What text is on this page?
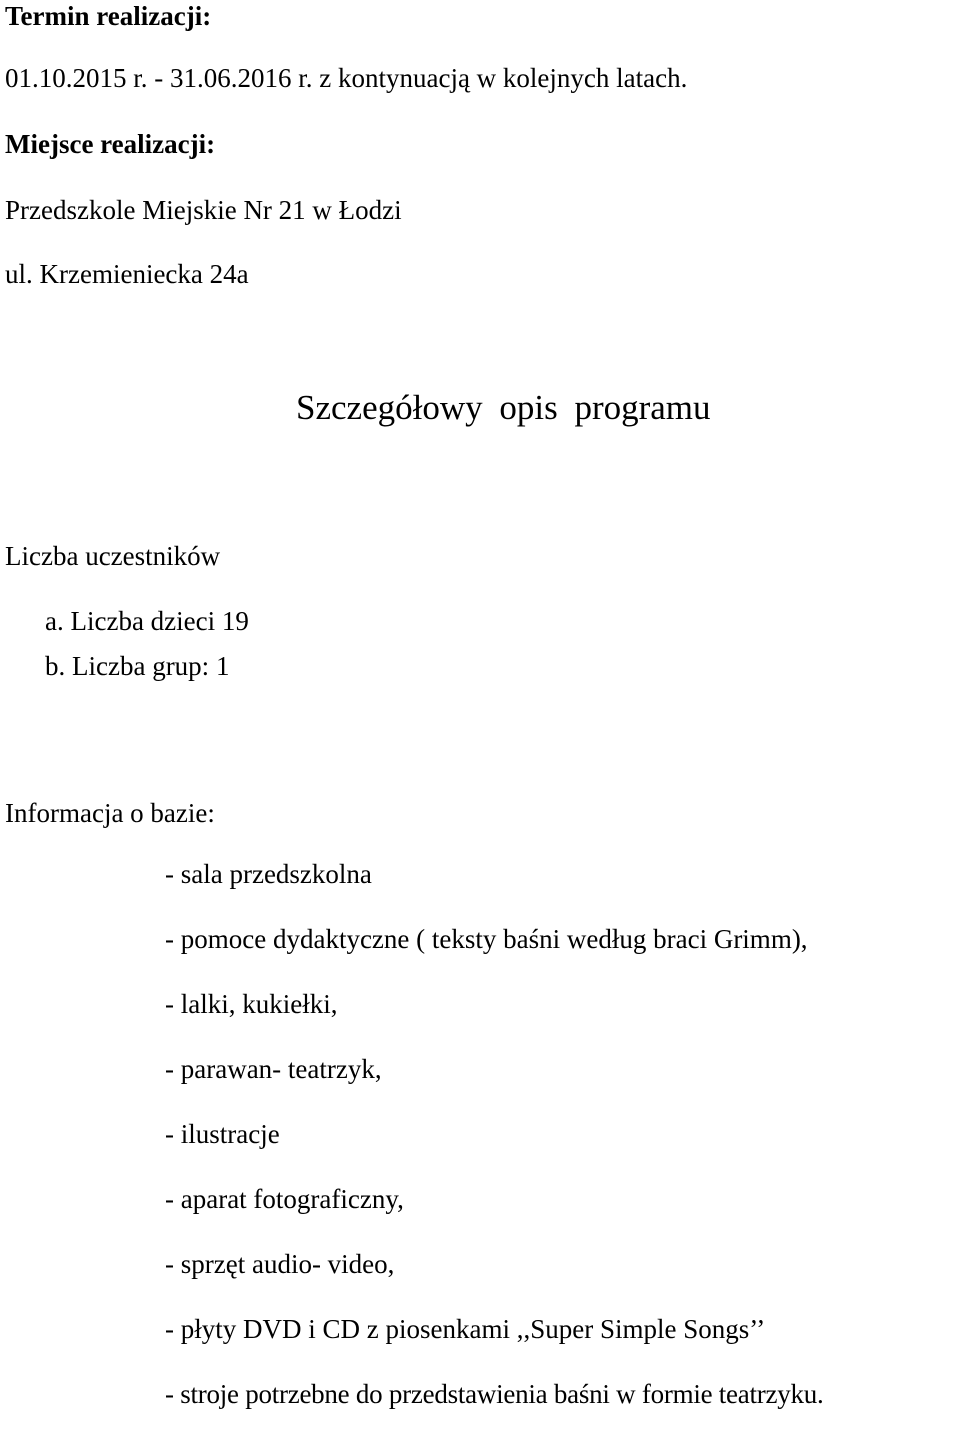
Termin realizacji:
01.10.2015 r. - 31.06.2016 r. z kontynuacją w kolejnych latach.
Miejsce realizacji:
Przedszkole Miejskie Nr 21 w Łodzi
ul. Krzemieniecka 24a
Szczegółowy opis programu
Liczba uczestników
a. Liczba dzieci 19
b. Liczba grup: 1
Informacja o bazie:
- sala przedszkolna
- pomoce dydaktyczne ( teksty baśni według braci Grimm),
- lalki, kukiełki,
- parawan- teatrzyk,
- ilustracje
- aparat fotograficzny,
- sprzęt audio- video,
- płyty DVD i CD z piosenkami ,,Super Simple Songs’’
- stroje potrzebne do przedstawienia baśni w formie teatrzyku.
